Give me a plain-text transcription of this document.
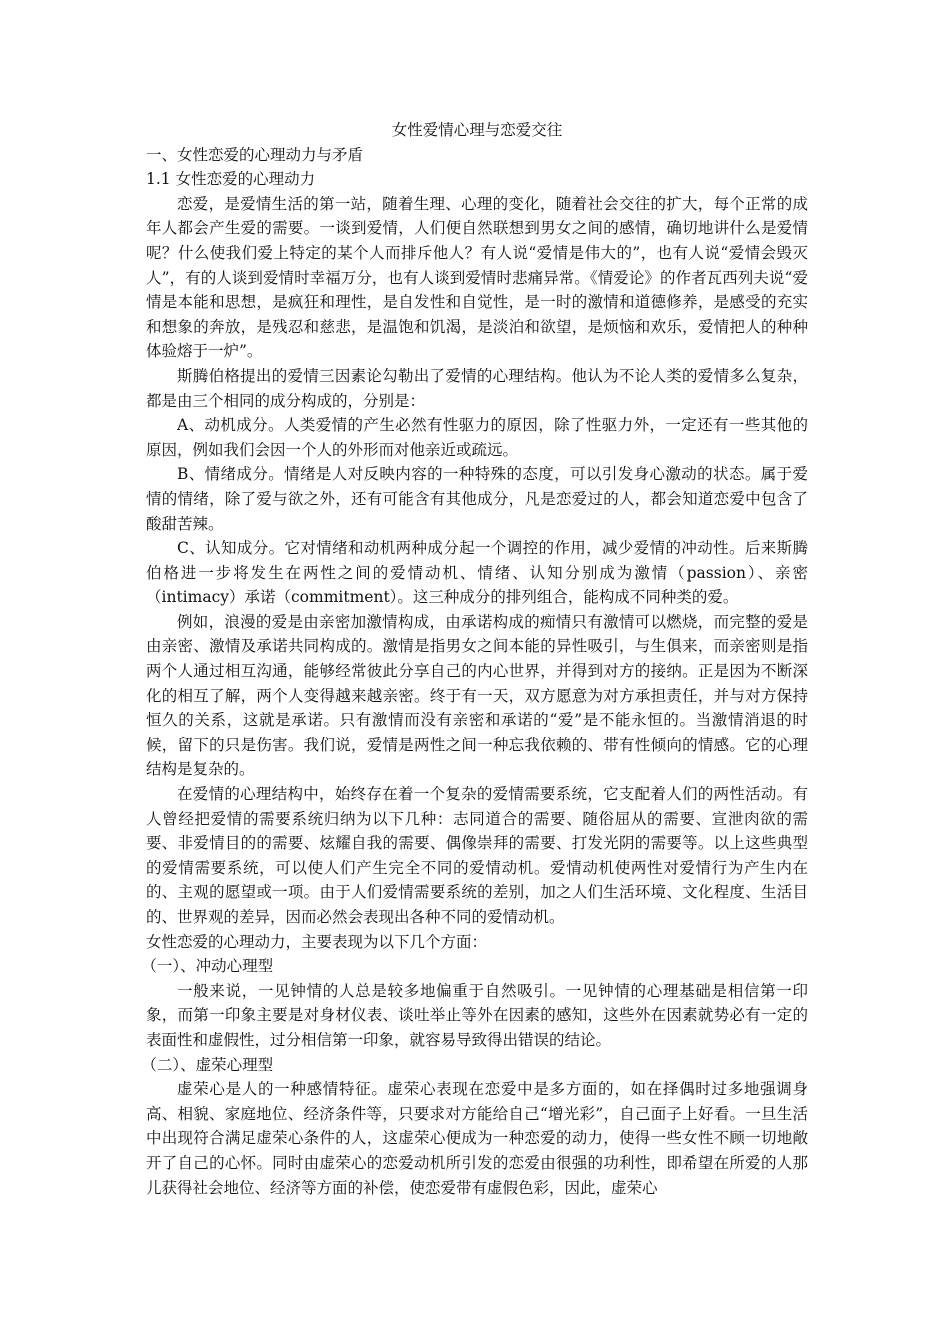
女性爱情心理与恋爱交往

一、女性恋爱的心理动力与矛盾

1.1 女性恋爱的心理动力

恋爱，是爱情生活的第一站，随着生理、心理的变化，随着社会交往的扩大，每个正常的成年人都会产生爱的需要。一谈到爱情，人们便自然联想到男女之间的感情，确切地讲什么是爱情呢？什么使我们爱上特定的某个人而排斥他人？有人说“爱情是伟大的”，也有人说“爱情会毁灭人”，有的人谈到爱情时幸福万分，也有人谈到爱情时悲痛异常。《情爱论》的作者瓦西列夫说“爱情是本能和思想，是疯狂和理性，是自发性和自觉性，是一时的激情和道德修养，是感受的充实和想象的奔放，是残忍和慈悲，是温饱和饥渴，是淡泊和欲望，是烦恼和欢乐，爱情把人的种种体验熔于一炉”。

斯腾伯格提出的爱情三因素论勾勒出了爱情的心理结构。他认为不论人类的爱情多么复杂，都是由三个相同的成分构成的，分别是：

A、动机成分。人类爱情的产生必然有性驱力的原因，除了性驱力外，一定还有一些其他的原因，例如我们会因一个人的外形而对他亲近或疏远。

B、情绪成分。情绪是人对反映内容的一种特殊的态度，可以引发身心激动的状态。属于爱情的情绪，除了爱与欲之外，还有可能含有其他成分，凡是恋爱过的人，都会知道恋爱中包含了酸甜苦辣。

C、认知成分。它对情绪和动机两种成分起一个调控的作用，减少爱情的冲动性。后来斯腾伯格进一步将发生在两性之间的爱情动机、情绪、认知分别成为激情（passion）、亲密（intimacy）承诺（commitment）。这三种成分的排列组合，能构成不同种类的爱。

例如，浪漫的爱是由亲密加激情构成，由承诺构成的痴情只有激情可以燃烧，而完整的爱是由亲密、激情及承诺共同构成的。激情是指男女之间本能的异性吸引，与生俱来，而亲密则是指两个人通过相互沟通，能够经常彼此分享自己的内心世界，并得到对方的接纳。正是因为不断深化的相互了解，两个人变得越来越亲密。终于有一天，双方愿意为对方承担责任，并与对方保持恒久的关系，这就是承诺。只有激情而没有亲密和承诺的“爱”是不能永恒的。当激情消退的时候，留下的只是伤害。我们说，爱情是两性之间一种忘我依赖的、带有性倾向的情感。它的心理结构是复杂的。

在爱情的心理结构中，始终存在着一个复杂的爱情需要系统，它支配着人们的两性活动。有人曾经把爱情的需要系统归纳为以下几种：志同道合的需要、随俗屈从的需要、宣泄肉欲的需要、非爱情目的的需要、炫耀自我的需要、偶像崇拜的需要、打发光阴的需要等。以上这些典型的爱情需要系统，可以使人们产生完全不同的爱情动机。爱情动机使两性对爱情行为产生内在的、主观的愿望或一项。由于人们爱情需要系统的差别，加之人们生活环境、文化程度、生活目的、世界观的差异，因而必然会表现出各种不同的爱情动机。

女性恋爱的心理动力，主要表现为以下几个方面：

（一）、冲动心理型

一般来说，一见钟情的人总是较多地偏重于自然吸引。一见钟情的心理基础是相信第一印象，而第一印象主要是对身材仪表、谈吐举止等外在因素的感知，这些外在因素就势必有一定的表面性和虚假性，过分相信第一印象，就容易导致得出错误的结论。

（二）、虚荣心理型

虚荣心是人的一种感情特征。虚荣心表现在恋爱中是多方面的，如在择偶时过多地强调身高、相貌、家庭地位、经济条件等，只要求对方能给自己“增光彩”，自己面子上好看。一旦生活中出现符合满足虚荣心条件的人，这虚荣心便成为一种恋爱的动力，使得一些女性不顾一切地敞开了自己的心怀。同时由虚荣心的恋爱动机所引发的恋爱由很强的功利性，即希望在所爱的人那儿获得社会地位、经济等方面的补偿，使恋爱带有虚假色彩，因此，虚荣心
